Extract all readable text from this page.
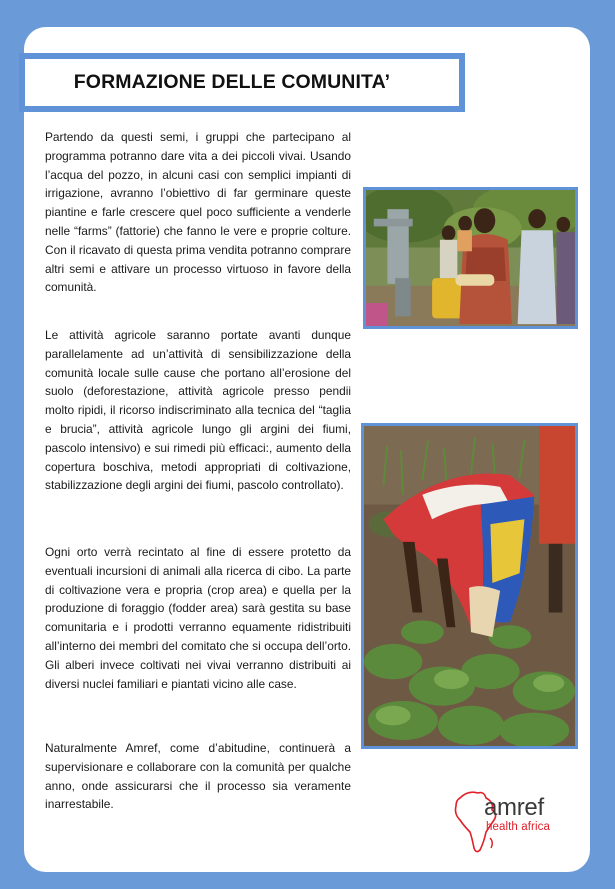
FORMAZIONE DELLE COMUNITA’

Partendo da questi semi, i gruppi che partecipano al programma potranno dare vita a dei piccoli vivai. Usando l’acqua del pozzo, in alcuni casi con semplici impianti di irrigazione, avranno l’obiettivo di far germinare queste piantine e farle crescere quel poco sufficiente a venderle nelle “farms” (fattorie) che fanno le vere e proprie colture. Con il ricavato di questa prima vendita potranno comprare altri semi e attivare un processo virtuoso in favore della comunità.

Le attività agricole saranno portate avanti dunque parallelamente ad un’attività di sensibilizzazione della comunità locale sulle cause che portano all’erosione del suolo (deforestazione, attività agricole presso pendii molto ripidi, il ricorso indiscriminato alla tecnica del “taglia e brucia”, attività agricole lungo gli argini dei fiumi, pascolo intensivo) e sui rimedi più efficaci:, aumento della copertura boschiva, metodi appropriati di coltivazione, stabilizzazione degli argini dei fiumi, pascolo controllato).

Ogni orto verrà recintato al fine di essere protetto da eventuali incursioni di animali alla ricerca di cibo. La parte di coltivazione vera e propria (crop area) e quella per la produzione di foraggio (fodder area) sarà gestita su base comunitaria e i prodotti verranno equamente ridistribuiti all’interno dei membri del comitato che si occupa dell’orto. Gli alberi invece coltivati nei vivai verranno distribuiti ai diversi nuclei familiari e piantati vicino alle case.

Naturalmente Amref, come d’abitudine, continuerà a supervisionare e collaborare con la comunità per qualche anno, onde assicurarsi che il processo sia veramente inarrestabile.	amref
health africa
